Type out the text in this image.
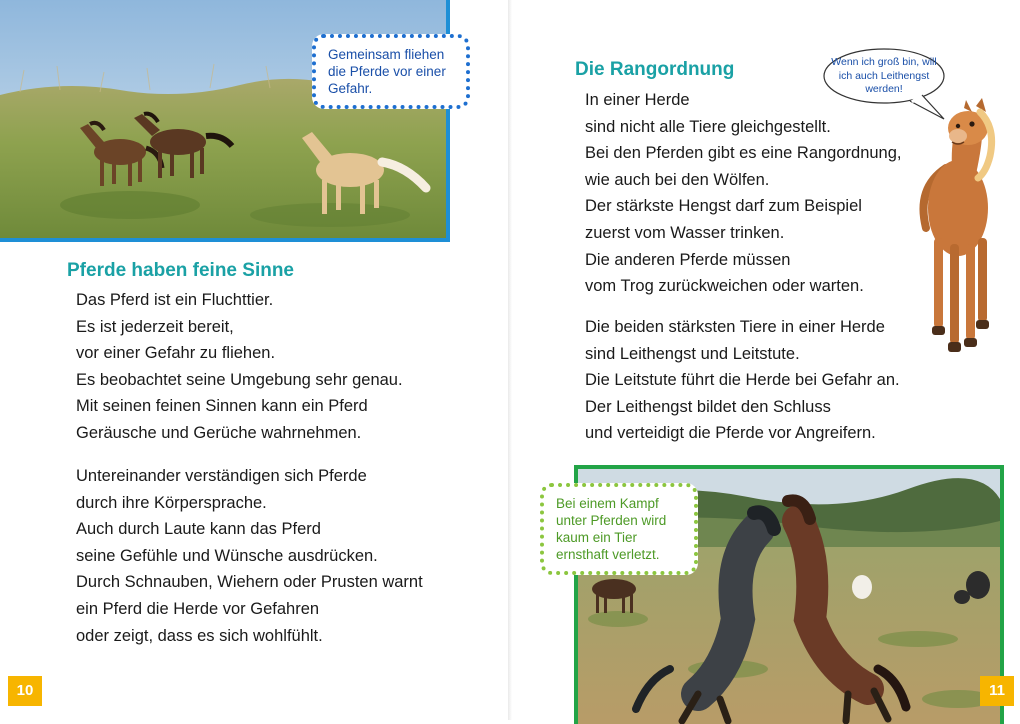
Gemeinsam fliehen die Pferde vor einer Gefahr.
Pferde haben feine Sinne
Das Pferd ist ein Fluchttier.
Es ist jederzeit bereit,
vor einer Gefahr zu fliehen.
Es beobachtet seine Umgebung sehr genau.
Mit seinen feinen Sinnen kann ein Pferd
Geräusche und Gerüche wahrnehmen.
Untereinander verständigen sich Pferde
durch ihre Körpersprache.
Auch durch Laute kann das Pferd
seine Gefühle und Wünsche ausdrücken.
Durch Schnauben, Wiehern oder Prusten warnt
ein Pferd die Herde vor Gefahren
oder zeigt, dass es sich wohlfühlt.
10
Die Rangordnung	Wenn ich groß bin, will ich auch Leithengst werden!
In einer Herde
sind nicht alle Tiere gleichgestellt.
Bei den Pferden gibt es eine Rangordnung,
wie auch bei den Wölfen.
Der stärkste Hengst darf zum Beispiel
zuerst vom Wasser trinken.
Die anderen Pferde müssen
vom Trog zurückweichen oder warten.
Die beiden stärksten Tiere in einer Herde
sind Leithengst und Leitstute.
Die Leitstute führt die Herde bei Gefahr an.
Der Leithengst bildet den Schluss
und verteidigt die Pferde vor Angreifern.
Bei einem Kampf unter Pferden wird kaum ein Tier ernsthaft verletzt.
11
